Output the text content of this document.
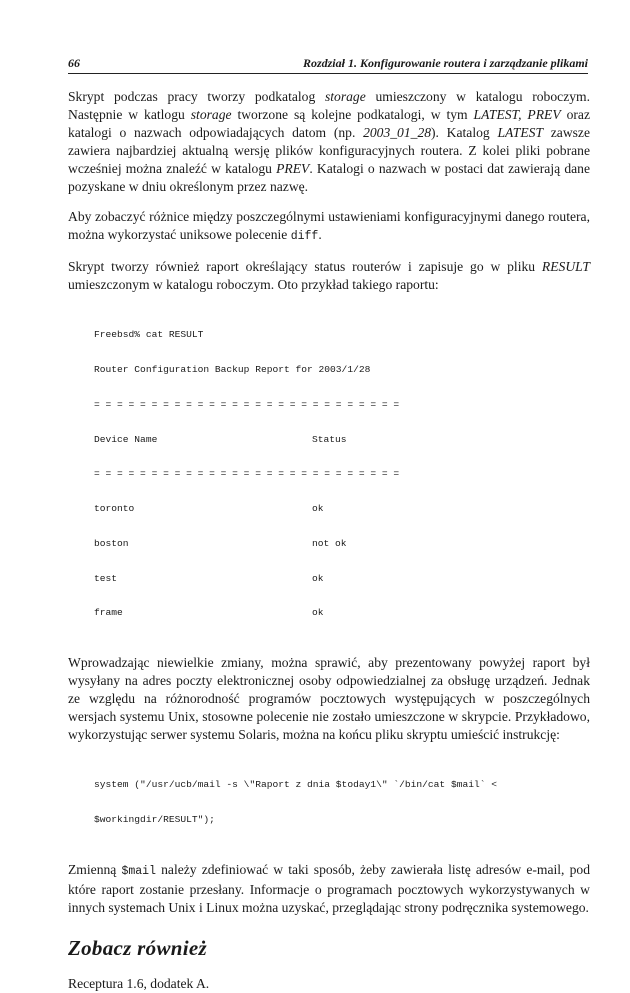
66	Rozdział 1. Konfigurowanie routera i zarządzanie plikami

Skrypt podczas pracy tworzy podkatalog storage umieszczony w katalogu roboczym. Następnie w katlogu storage tworzone są kolejne podkatalogi, w tym LATEST, PREV oraz katalogi o nazwach odpowiadających datom (np. 2003_01_28). Katalog LATEST zawsze zawiera najbardziej aktualną wersję plików konfiguracyjnych routera. Z kolei pliki pobrane wcześniej można znaleźć w katalogu PREV. Katalogi o nazwach w postaci dat zawierają dane pozyskane w dniu określonym przez nazwę.

Aby zobaczyć różnice między poszczególnymi ustawieniami konfiguracyjnymi danego routera, można wykorzystać uniksowe polecenie diff.

Skrypt tworzy również raport określający status routerów i zapisuje go w pliku RESULT umieszczonym w katalogu roboczym. Oto przykład takiego raportu:

Freebsd% cat RESULT

Router Configuration Backup Report for 2003/1/28

= = = = = = = = = = = = = = = = = = = = = = = = = = =

Device Name	Status

= = = = = = = = = = = = = = = = = = = = = = = = = = =

toronto	ok

boston	not ok

test	ok

frame	ok

Wprowadzając niewielkie zmiany, można sprawić, aby prezentowany powyżej raport był wysyłany na adres poczty elektronicznej osoby odpowiedzialnej za obsługę urządzeń. Jednak ze względu na różnorodność programów pocztowych występujących w poszczególnych wersjach systemu Unix, stosowne polecenie nie zostało umieszczone w skrypcie. Przykładowo, wykorzystując serwer systemu Solaris, można na końcu pliku skryptu umieścić instrukcję:

system ("/usr/ucb/mail -s \"Raport z dnia $today1\" `/bin/cat $mail` <

$workingdir/RESULT");

Zmienną $mail należy zdefiniować w taki sposób, żeby zawierała listę adresów e-mail, pod które raport zostanie przesłany. Informacje o programach pocztowych wykorzystywanych w innych systemach Unix i Linux można uzyskać, przeglądając strony podręcznika systemowego.

Zobacz również
Receptura 1.6, dodatek A.
